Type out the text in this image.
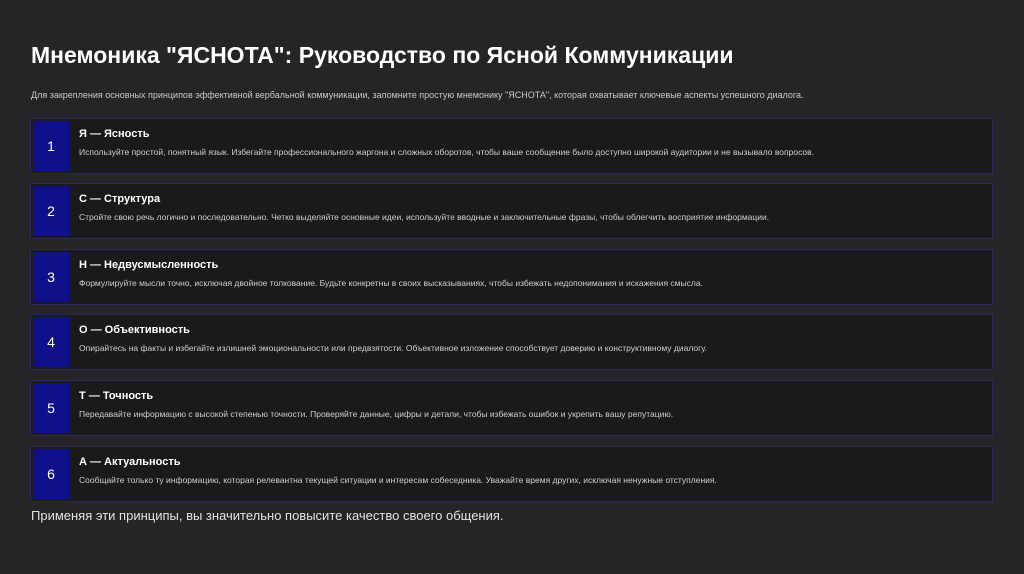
Мнемоника "ЯСНОТА": Руководство по Ясной Коммуникации
Для закрепления основных принципов эффективной вербальной коммуникации, запомните простую мнемонику "ЯСНОТА", которая охватывает ключевые аспекты успешного диалога.
1
Я — Ясность
Используйте простой, понятный язык. Избегайте профессионального жаргона и сложных оборотов, чтобы ваше сообщение было доступно широкой аудитории и не вызывало вопросов.
2
С — Структура
Стройте свою речь логично и последовательно. Четко выделяйте основные идеи, используйте вводные и заключительные фразы, чтобы облегчить восприятие информации.
3
Н — Недвусмысленность
Формулируйте мысли точно, исключая двойное толкование. Будьте конкретны в своих высказываниях, чтобы избежать недопонимания и искажения смысла.
4
О — Объективность
Опирайтесь на факты и избегайте излишней эмоциональности или предвзятости. Объективное изложение способствует доверию и конструктивному диалогу.
5
Т — Точность
Передавайте информацию с высокой степенью точности. Проверяйте данные, цифры и детали, чтобы избежать ошибок и укрепить вашу репутацию.
6
А — Актуальность
Сообщайте только ту информацию, которая релевантна текущей ситуации и интересам собеседника. Уважайте время других, исключая ненужные отступления.
Применяя эти принципы, вы значительно повысите качество своего общения.
